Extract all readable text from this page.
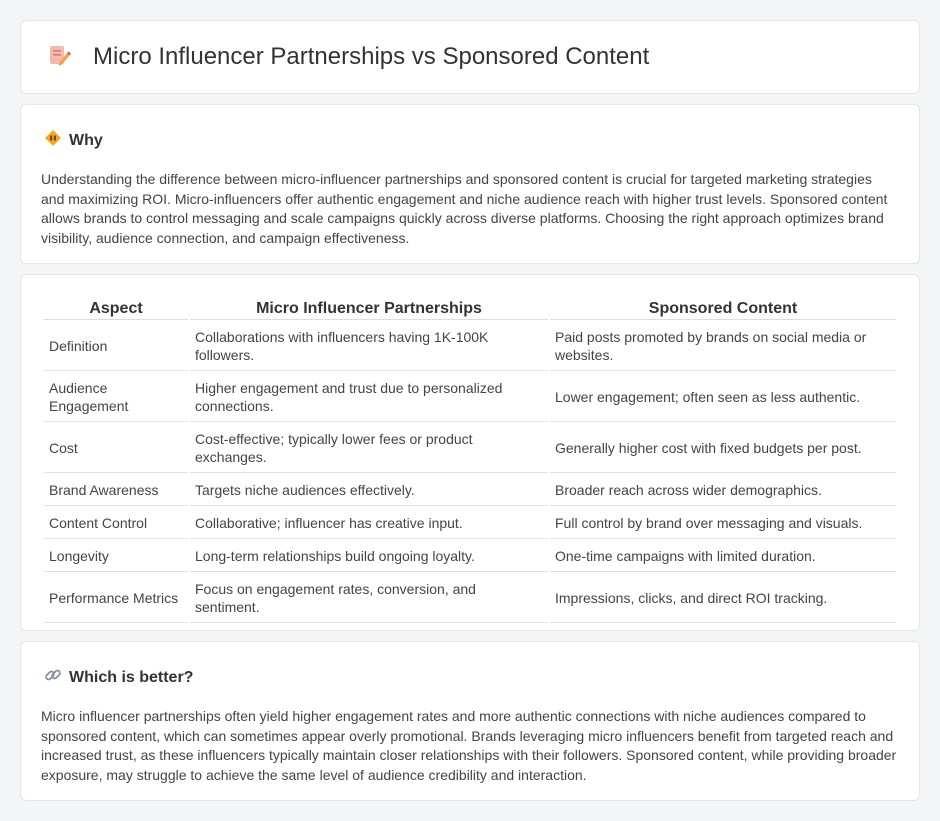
Micro Influencer Partnerships vs Sponsored Content
Why

Understanding the difference between micro-influencer partnerships and sponsored content is crucial for targeted marketing strategies and maximizing ROI. Micro-influencers offer authentic engagement and niche audience reach with higher trust levels. Sponsored content allows brands to control messaging and scale campaigns quickly across diverse platforms. Choosing the right approach optimizes brand visibility, audience connection, and campaign effectiveness.

Aspect	Micro Influencer Partnerships	Sponsored Content
Definition	Collaborations with influencers having 1K-100K followers.	Paid posts promoted by brands on social media or websites.
Audience Engagement	Higher engagement and trust due to personalized connections.	Lower engagement; often seen as less authentic.
Cost	Cost-effective; typically lower fees or product exchanges.	Generally higher cost with fixed budgets per post.
Brand Awareness	Targets niche audiences effectively.	Broader reach across wider demographics.
Content Control	Collaborative; influencer has creative input.	Full control by brand over messaging and visuals.
Longevity	Long-term relationships build ongoing loyalty.	One-time campaigns with limited duration.
Performance Metrics	Focus on engagement rates, conversion, and sentiment.	Impressions, clicks, and direct ROI tracking.
Which is better?

Micro influencer partnerships often yield higher engagement rates and more authentic connections with niche audiences compared to sponsored content, which can sometimes appear overly promotional. Brands leveraging micro influencers benefit from targeted reach and increased trust, as these influencers typically maintain closer relationships with their followers. Sponsored content, while providing broader exposure, may struggle to achieve the same level of audience credibility and interaction.
